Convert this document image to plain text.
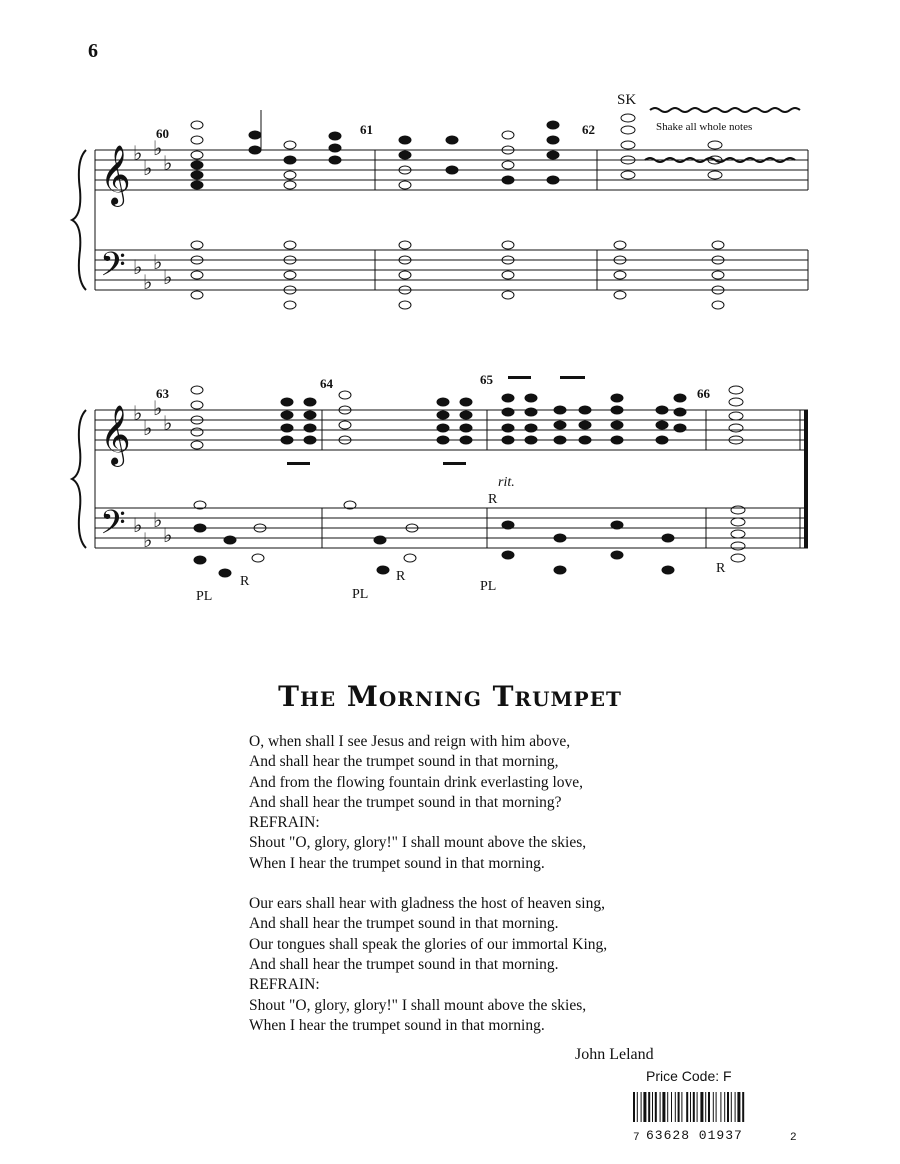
6
𝄞
𝄢
𝄞
𝄢
♭
♭
♭
♭
♭
♭
♭
♭
♭
♭
♭
♭
♭
♭
♭
♭
60	61	62
63
64	65
66
SK
Shake all whole notes
rit.
R
PL
R
PL
R
PL
R
The Morning Trumpet
O, when shall I see Jesus and reign with him above,
And shall hear the trumpet sound in that morning,
And from the flowing fountain drink everlasting love,
And shall hear the trumpet sound in that morning?
REFRAIN:
Shout "O, glory, glory!" I shall mount above the skies,
When I hear the trumpet sound in that morning.
Our ears shall hear with gladness the host of heaven sing,
And shall hear the trumpet sound in that morning.
Our tongues shall speak the glories of our immortal King,
And shall hear the trumpet sound in that morning.
REFRAIN:
Shout "O, glory, glory!" I shall mount above the skies,
When I hear the trumpet sound in that morning.
John Leland
Price Code: F
7 63628 01937	2
